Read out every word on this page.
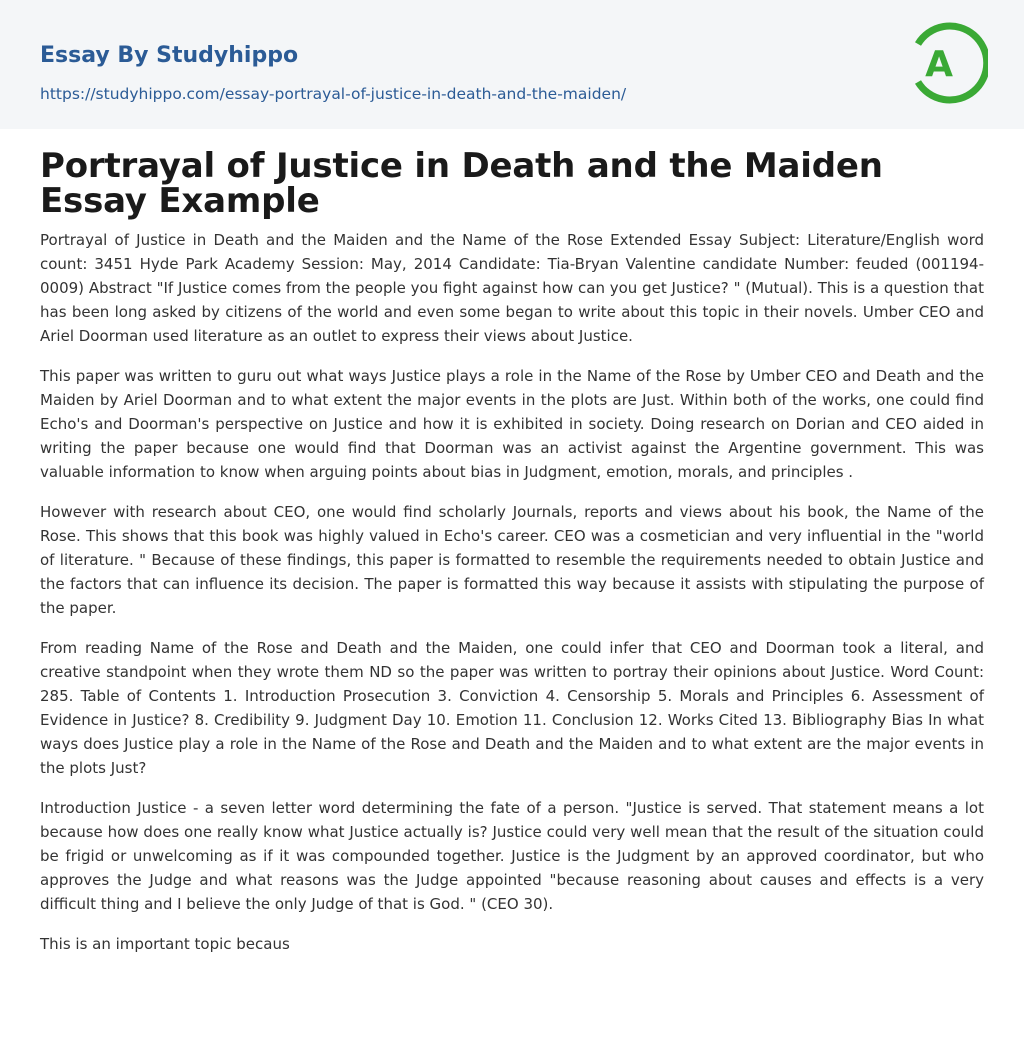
Essay By Studyhippo
https://studyhippo.com/essay-portrayal-of-justice-in-death-and-the-maiden/
A
Portrayal of Justice in Death and the Maiden
Essay Example

Portrayal of Justice in Death and the Maiden and the Name of the Rose Extended Essay Subject: Literature/English word count: 3451 Hyde Park Academy Session: May, 2014 Candidate: Tia-Bryan Valentine candidate Number: feuded (001194-0009) Abstract "If Justice comes from the people you fight against how can you get Justice? " (Mutual). This is a question that has been long asked by citizens of the world and even some began to write about this topic in their novels. Umber CEO and Ariel Doorman used literature as an outlet to express their views about Justice.

This paper was written to guru out what ways Justice plays a role in the Name of the Rose by Umber CEO and Death and the Maiden by Ariel Doorman and to what extent the major events in the plots are Just. Within both of the works, one could find Echo's and Doorman's perspective on Justice and how it is exhibited in society. Doing research on Dorian and CEO aided in writing the paper because one would find that Doorman was an activist against the Argentine government. This was valuable information to know when arguing points about bias in Judgment, emotion, morals, and principles .

However with research about CEO, one would find scholarly Journals, reports and views about his book, the Name of the Rose. This shows that this book was highly valued in Echo's career. CEO was a cosmetician and very influential in the "world of literature. " Because of these findings, this paper is formatted to resemble the requirements needed to obtain Justice and the factors that can influence its decision. The paper is formatted this way because it assists with stipulating the purpose of the paper.

From reading Name of the Rose and Death and the Maiden, one could infer that CEO and Doorman took a literal, and creative standpoint when they wrote them ND so the paper was written to portray their opinions about Justice. Word Count: 285. Table of Contents 1. Introduction Prosecution 3. Conviction 4. Censorship 5. Morals and Principles 6. Assessment of Evidence in Justice? 8. Credibility 9. Judgment Day 10. Emotion 11. Conclusion 12. Works Cited 13. Bibliography Bias In what ways does Justice play a role in the Name of the Rose and Death and the Maiden and to what extent are the major events in the plots Just?

Introduction Justice - a seven letter word determining the fate of a person. "Justice is served. That statement means a lot because how does one really know what Justice actually is? Justice could very well mean that the result of the situation could be frigid or unwelcoming as if it was compounded together. Justice is the Judgment by an approved coordinator, but who approves the Judge and what reasons was the Judge appointed "because reasoning about causes and effects is a very difficult thing and I believe the only Judge of that is God. " (CEO 30).

This is an important topic becaus
